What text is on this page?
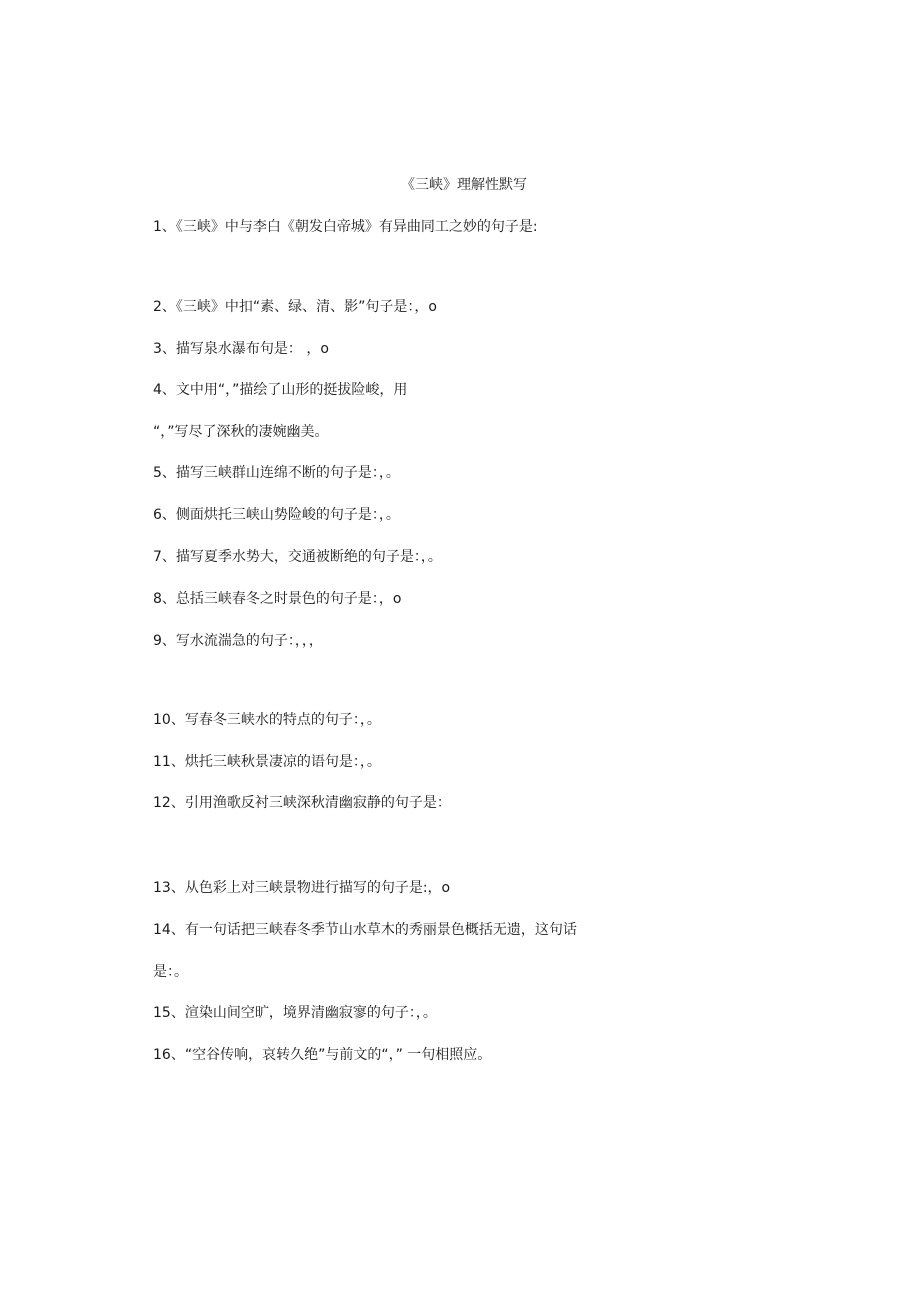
《三峡》理解性默写
1、《三峡》中与李白《朝发白帝城》有异曲同工之妙的句子是:
2、《三峡》中扣“素、绿、清、影”句子是：，o
3、描写泉水瀑布句是： ，o
4、文中用“，”描绘了山形的挺拔险峻，用
“，”写尽了深秋的凄婉幽美。
5、描写三峡群山连绵不断的句子是：，。
6、侧面烘托三峡山势险峻的句子是：，。
7、描写夏季水势大，交通被断绝的句子是：，。
8、总括三峡春冬之时景色的句子是：，o
9、写水流湍急的句子：，，，
10、写春冬三峡水的特点的句子：，。
11、烘托三峡秋景凄凉的语句是：，。
12、引用渔歌反衬三峡深秋清幽寂静的句子是：
13、从色彩上对三峡景物进行描写的句子是:，o
14、有一句话把三峡春冬季节山水草木的秀丽景色概括无遗，这句话
是：。
15、渲染山间空旷，境界清幽寂寥的句子：，。
16、“空谷传响，哀转久绝”与前文的“，” 一句相照应。
